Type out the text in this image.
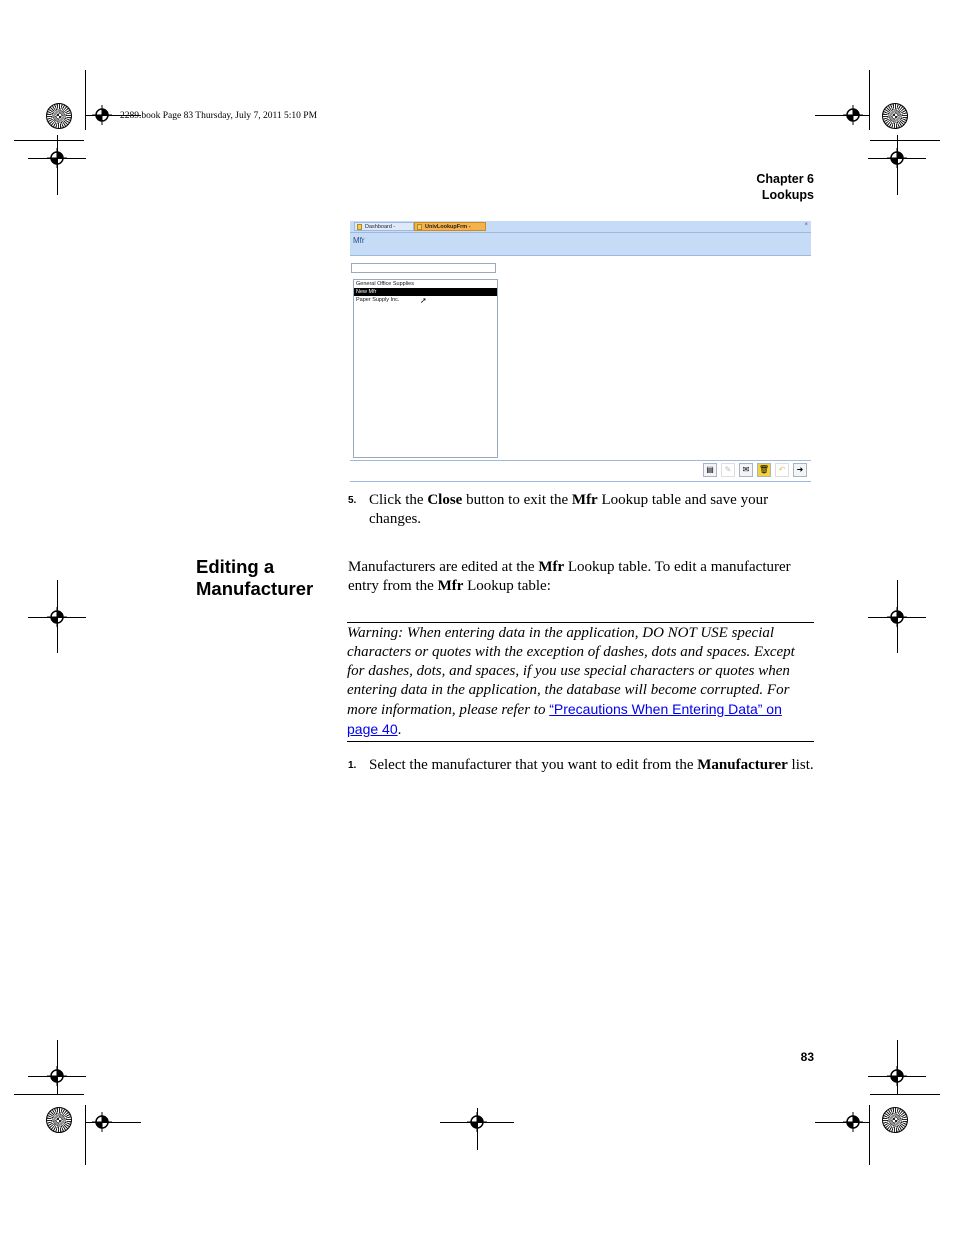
2289.book Page 83 Thursday, July 7, 2011 5:10 PM
Chapter 6
Lookups
Dashboard -	UnivLookupFrm -	×
Mfr
General Office Supplies
New Mfr
Paper Supply Inc.	➚
▤	✎	✉	🗑	↶	➜
5. Click the Close button to exit the Mfr Lookup table and save your changes.
Editing a
Manufacturer
Manufacturers are edited at the Mfr Lookup table. To edit a manufacturer entry from the Mfr Lookup table:
Warning: When entering data in the application, DO NOT USE special characters or quotes with the exception of dashes, dots and spaces. Except for dashes, dots, and spaces, if you use special characters or quotes when entering data in the application, the database will become corrupted. For more information, please refer to “Precautions When Entering Data” on page 40.
1. Select the manufacturer that you want to edit from the Manufacturer list.
83
